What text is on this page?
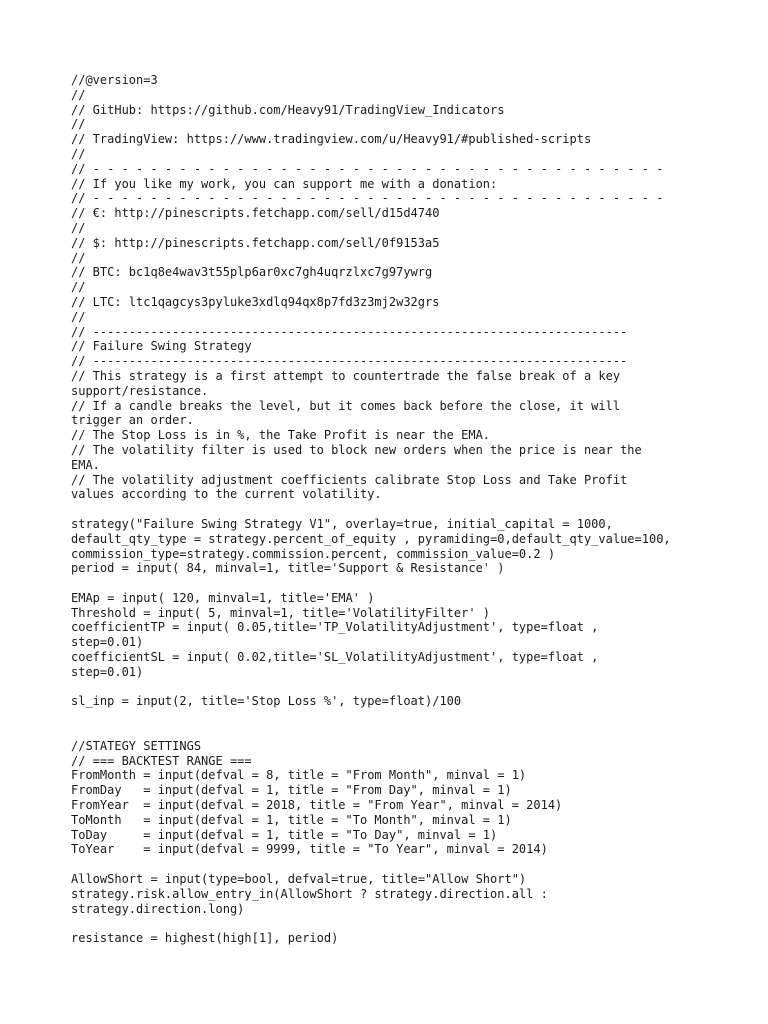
//@version=3
//
// GitHub: https://github.com/Heavy91/TradingView_Indicators
//
// TradingView: https://www.tradingview.com/u/Heavy91/#published-scripts
//
// - - - - - - - - - - - - - - - - - - - - - - - - - - - - - - - - - - - - - - - -
// If you like my work, you can support me with a donation:
// - - - - - - - - - - - - - - - - - - - - - - - - - - - - - - - - - - - - - - - -
// €: http://pinescripts.fetchapp.com/sell/d15d4740
//
// $: http://pinescripts.fetchapp.com/sell/0f9153a5
//
// BTC: bc1q8e4wav3t55plp6ar0xc7gh4uqrzlxc7g97ywrg
//
// LTC: ltc1qagcys3pyluke3xdlq94qx8p7fd3z3mj2w32grs
//
// --------------------------------------------------------------------------
// Failure Swing Strategy
// --------------------------------------------------------------------------
// This strategy is a first attempt to countertrade the false break of a key
support/resistance.
// If a candle breaks the level, but it comes back before the close, it will
trigger an order.
// The Stop Loss is in %, the Take Profit is near the EMA.
// The volatility filter is used to block new orders when the price is near the
EMA.
// The volatility adjustment coefficients calibrate Stop Loss and Take Profit
values according to the current volatility.
strategy("Failure Swing Strategy V1", overlay=true, initial_capital = 1000,
default_qty_type = strategy.percent_of_equity , pyramiding=0,default_qty_value=100,
commission_type=strategy.commission.percent, commission_value=0.2 )
period = input( 84, minval=1, title='Support & Resistance' )
EMAp = input( 120, minval=1, title='EMA' )
Threshold = input( 5, minval=1, title='VolatilityFilter' )
coefficientTP = input( 0.05,title='TP_VolatilityAdjustment', type=float ,
step=0.01)
coefficientSL = input( 0.02,title='SL_VolatilityAdjustment', type=float ,
step=0.01)
sl_inp = input(2, title='Stop Loss %', type=float)/100
//STATEGY SETTINGS
// === BACKTEST RANGE ===
FromMonth = input(defval = 8, title = "From Month", minval = 1)
FromDay   = input(defval = 1, title = "From Day", minval = 1)
FromYear  = input(defval = 2018, title = "From Year", minval = 2014)
ToMonth   = input(defval = 1, title = "To Month", minval = 1)
ToDay     = input(defval = 1, title = "To Day", minval = 1)
ToYear    = input(defval = 9999, title = "To Year", minval = 2014)
AllowShort = input(type=bool, defval=true, title="Allow Short")
strategy.risk.allow_entry_in(AllowShort ? strategy.direction.all :
strategy.direction.long)
resistance = highest(high[1], period)
